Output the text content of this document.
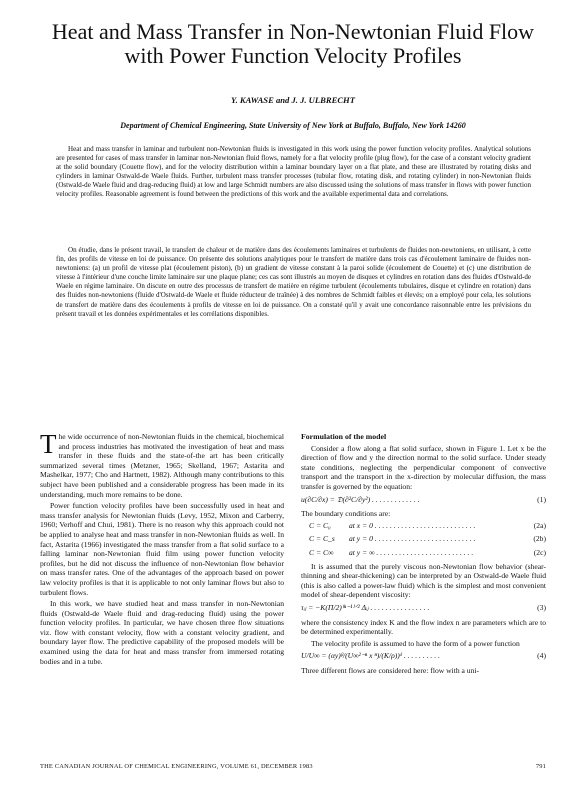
Heat and Mass Transfer in Non-Newtonian Fluid Flow
with Power Function Velocity Profiles
Y. KAWASE and J. J. ULBRECHT
Department of Chemical Engineering, State University of New York at Buffalo, Buffalo, New York 14260

Heat and mass transfer in laminar and turbulent non-Newtonian fluids is investigated in this work using the power function velocity profiles. Analytical solutions are presented for cases of mass transfer in laminar non-Newtonian fluid flows, namely for a flat velocity profile (plug flow), for the case of a constant velocity gradient at the solid boundary (Couette flow), and for the velocity distribution within a laminar boundary layer on a flat plate, and these are illustrated by rotating disks and cylinders in laminar Ostwald-de Waele fluids. Further, turbulent mass transfer processes (tubular flow, rotating disk, and rotating cylinder) in non-Newtonian fluids (Ostwald-de Waele fluid and drag-reducing fluid) at low and large Schmidt numbers are also discussed using the solutions of mass transfer in flows with power function velocity profiles. Reasonable agreement is found between the predictions of this work and the available experimental data and correlations.

On étudie, dans le présent travail, le transfert de chaleur et de matière dans des écoulements laminaires et turbulents de fluides non-newtoniens, en utilisant, à cette fin, des profils de vitesse en loi de puissance. On présente des solutions analytiques pour le transfert de matière dans trois cas d'écoulement laminaire de fluides non-newtoniens: (a) un profil de vitesse plat (écoulement piston), (b) un gradient de vitesse constant à la paroi solide (écoulement de Couette) et (c) une distribution de vitesse à l'intérieur d'une couche limite laminaire sur une plaque plane; ces cas sont illustrés au moyen de disques et cylindres en rotation dans des fluides d'Ostwald-de Waele en régime laminaire. On discute en outre des processus de transfert de matière en régime turbulent (écoulements tubulaires, disque et cylindre en rotation) dans des fluides non-newtoniens (fluide d'Ostwald-de Waele et fluide réducteur de traînée) à des nombres de Schmidt faibles et élevés; on a employé pour cela, les solutions de transfert de matière dans des écoulements à profils de vitesse en loi de puissance. On a constaté qu'il y avait une concordance raisonnable entre les prévisions du présent travail et les données expérimentales et les corrélations disponibles.

The wide occurrence of non-Newtonian fluids in the chemical, biochemical and process industries has motivated the investigation of heat and mass transfer in these fluids and the state-of-the art has been critically summarized several times (Metzner, 1965; Skelland, 1967; Astarita and Mashelkar, 1977; Cho and Hartnett, 1982). Although many contributions to this subject have been published and a considerable progress has been made in its understanding, much more remains to be done.

Power function velocity profiles have been successfully used in heat and mass transfer analysis for Newtonian fluids (Levy, 1952, Mixon and Carberry, 1960; Verhoff and Chui, 1981). There is no reason why this approach could not be applied to analyse heat and mass transfer in non-Newtonian fluids as well. In fact, Astarita (1966) investigated the mass transfer from a flat solid surface to a falling laminar non-Newtonian fluid film using power function velocity profiles, but he did not discuss the influence of non-Newtonian flow behavior on mass transfer rates. One of the advantages of the approach based on power law velocity profiles is that it is applicable to not only laminar flows but also to turbulent flows.

In this work, we have studied heat and mass transfer in non-Newtonian fluids (Ostwald-de Waele fluid and drag-reducing fluid) using the power function velocity profiles. In particular, we have chosen three flow situations viz. flow with constant velocity, flow with a constant velocity gradient, and boundary layer flow. The predictive capability of the proposed models will be examined using the data for heat and mass transfer from immersed rotating bodies and in a tube.

Formulation of the model

Consider a flow along a flat solid surface, shown in Figure 1. Let x be the direction of flow and y the direction normal to the solid surface. Under steady state conditions, neglecting the perpendicular component of convective transport and the transport in the x-direction by molecular diffusion, the mass transfer is governed by the equation:

u(∂C/∂x) = 𝔇(∂²C/∂y²) . . . . . . . . . . . . .	(1)

The boundary conditions are:

C = C₀	at x = 0 . . . . . . . . . . . . . . . . . . . . . . . . . . .	(2a)
C = C_s	at y = 0 . . . . . . . . . . . . . . . . . . . . . . . . . . .	(2b)
C = C∞	at y = ∞ . . . . . . . . . . . . . . . . . . . . . . . . . .	(2c)

It is assumed that the purely viscous non-Newtonian flow behavior (shear-thinning and shear-thickening) can be interpreted by an Ostwald-de Waele fluid (this is also called a power-law fluid) which is the simplest and most convenient model of shear-dependent viscosity:

τᵢⱼ = −K(Π/2)⁽ⁿ⁻¹⁾ᐟ² Δᵢⱼ . . . . . . . . . . . . . . . .	(3)

where the consistency index K and the flow index n are parameters which are to be determined experimentally.

The velocity profile is assumed to have the form of a power function

U/U∞ = (αy)ᵝ/(U∞²⁻ⁿ x ⁿ)/(K/ρ))ᵟ . . . . . . . . . .	(4)

Three different flows are considered here: flow with a uni-

THE CANADIAN JOURNAL OF CHEMICAL ENGINEERING, VOLUME 61, DECEMBER 1983	791
